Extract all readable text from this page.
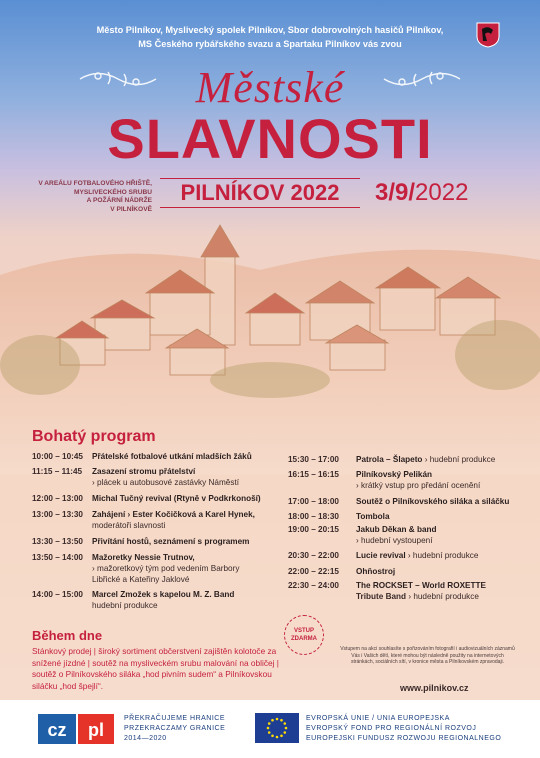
Město Pilníkov, Myslivecký spolek Pilníkov, Sbor dobrovolných hasičů Pilníkov,
MS Českého rybářského svazu a Spartaku Pilníkov vás zvou
Městské
SLAVNOSTI
V AREÁLU FOTBALOVÉHO HŘIŠTĚ,
MYSLIVECKÉHO SRUBU
A POŽÁRNÍ NÁDRŽE
V PILNÍKOVĚ
PILNÍKOV 2022	3/9/2022
Bohatý program
10:00 – 10:45 Přátelské fotbalové utkání mladších žáků
11:15 – 11:45 Zasazení stromu přátelství
› plácek u autobusové zastávky Náměstí
12:00 – 13:00 Michal Tučný revival (Rtyně v Podkrkonoší)
13:00 – 13:30 Zahájení › Ester Kočičková a Karel Hynek,
moderátoři slavnosti
13:30 – 13:50 Přivítání hostů, seznámení s programem
13:50 – 14:00 Mažoretky Nessie Trutnov,
› mažoretkový tým pod vedením Barbory
Libřické a Kateřiny Jaklové
14:00 – 15:00 Marcel Zmožek s kapelou M. Z. Band
hudební produkce
15:30 – 17:00 Patrola – Šlapeto › hudební produkce
16:15 – 16:15 Pilníkovský Pelikán
› krátký vstup pro předání ocenění
17:00 – 18:00 Soutěž o Pilníkovského siláka a siláčku
18:00 – 18:30 Tombola
19:00 – 20:15 Jakub Děkan & band
› hudební vystoupení
20:30 – 22:00 Lucie revival › hudební produkce
22:00 – 22:15 Ohňostroj
22:30 – 24:00 The ROCKSET – World ROXETTE
Tribute Band › hudební produkce
Během dne
Stánkový prodej | široký sortiment občerstvení zajištěn kolotoče za snížené jízdné | soutěž na mysliveckém srubu malování na obličej | soutěž o Pilníkovského siláka „hod pivním sudem“ a Pilníkovskou siláčku „hod špejlí“.
VSTUP
ZDARMA
Vstupem na akci souhlasíte s pořizováním fotografií i audiovizuálních záznamů Vás i Vašich dětí, které mohou být následně použity na internetových stránkách, sociálních sítí, v kronice města a Pilníkovském zpravodaji.
www.pilnikov.cz
cz pl
PŘEKRAČUJEME HRANICE
PRZEKRACZAMY GRANICE
2014—2020
EVROPSKÁ UNIE / UNIA EUROPEJSKA
EVROPSKÝ FOND PRO REGIONÁLNÍ ROZVOJ
EUROPEJSKI FUNDUSZ ROZWOJU REGIONALNEGO
